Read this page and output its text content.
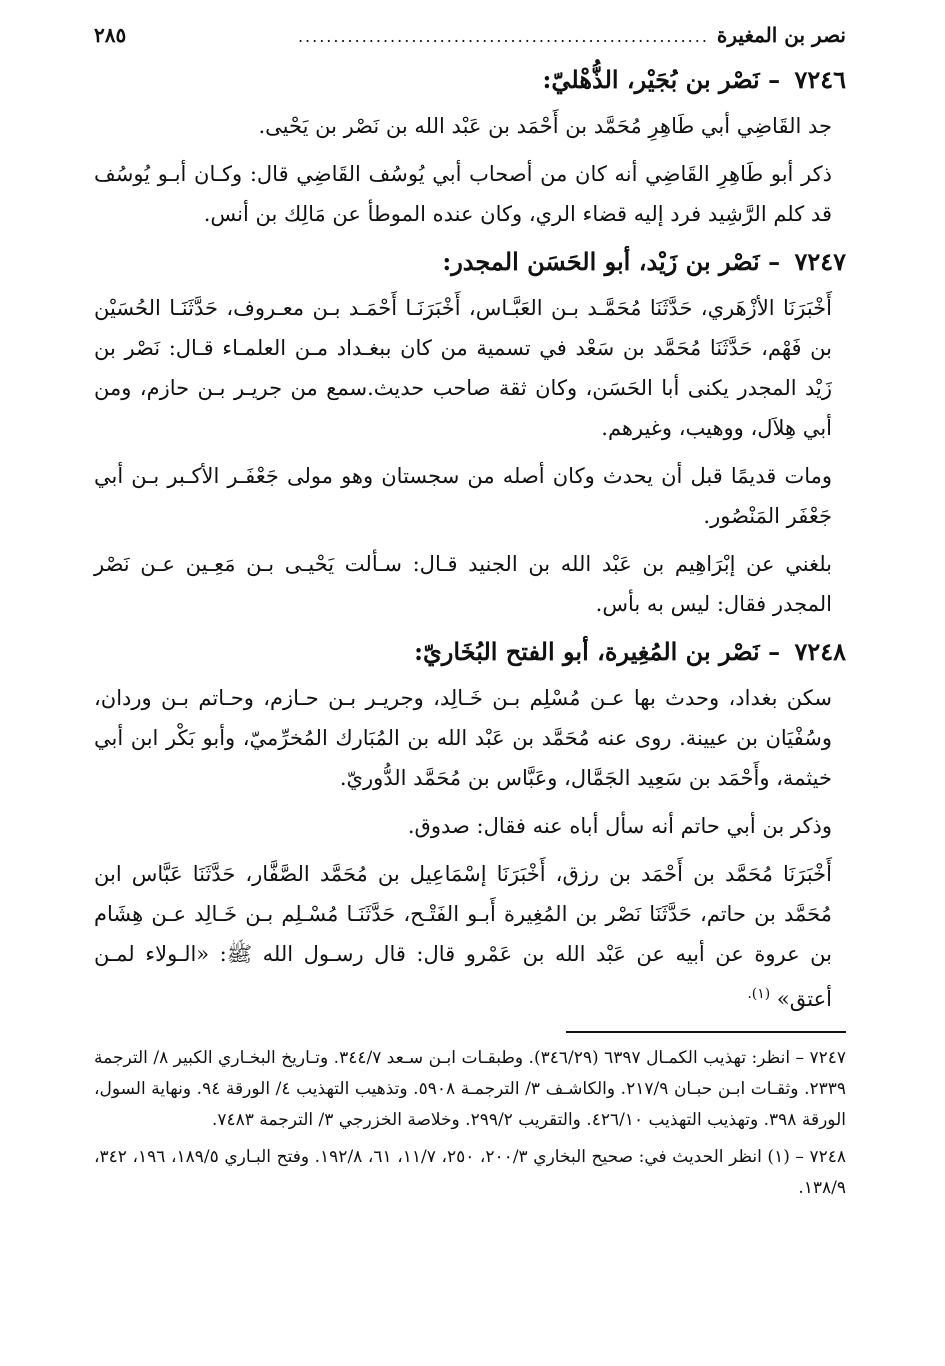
نصر بن المغيرة
..........................................................
٢٨٥
٧٢٤٦ – نَصْر بن بُجَيْر، الذُّهْليّ:

جد القَاضِي أبي طَاهِرِ مُحَمَّد بن أَحْمَد بن عَبْد الله بن نَصْر بن يَحْيى.

ذكر أبو طَاهِرِ القَاضِي أنه كان من أصحاب أبي يُوسُف القَاضِي قال: وكـان أبـو يُوسُف قد كلم الرَّشِيد فرد إليه قضاء الري، وكان عنده الموطأ عن مَالِك بن أنس.

٧٢٤٧ – نَصْر بن زَيْد، أبو الحَسَن المجدر:

أَخْبَرَنَا الأزْهَري، حَدَّثَنَا مُحَمَّـد بـن العَبَّـاس، أَخْبَرَنَـا أَحْمَـد بـن معـروف، حَدَّثَنَـا الحُسَيْن بن فَهْم، حَدَّثَنَا مُحَمَّد بن سَعْد في تسمية من كان ببغـداد مـن العلمـاء قـال: نَصْر بن زَيْد المجدر يكنى أبا الحَسَن، وكان ثقة صاحب حديث.سمع من جريـر بـن حازم، ومن أبي هِلاَل، ووهيب، وغيرهم.

ومات قديمًا قبل أن يحدث وكان أصله من سجستان وهو مولى جَعْفَـر الأكـبر بـن أبي جَعْفَر المَنْصُور.

بلغني عن إبْرَاهِيم بن عَبْد الله بن الجنيد قـال: سـألت يَحْيـى بـن مَعِـين عـن نَصْر المجدر فقال: ليس به بأس.

٧٢٤٨ – نَصْر بن المُغِيرة، أبو الفتح البُخَاريّ:

سكن بغداد، وحدث بها عـن مُسْلِم بـن خَـالِد، وجريـر بـن حـازم، وحـاتم بـن وردان، وسُفْيَان بن عيينة. روى عنه مُحَمَّد بن عَبْد الله بن المُبَارك المُخرِّميّ، وأبو بَكْر ابن أبي خيثمة، وأَحْمَد بن سَعِيد الجَمَّال، وعَبَّاس بن مُحَمَّد الدُّوريّ.

وذكر بن أبي حاتم أنه سأل أباه عنه فقال: صدوق.

أَخْبَرَنَا مُحَمَّد بن أَحْمَد بن رزق، أَخْبَرَنَا إسْمَاعِيل بن مُحَمَّد الصَّفَّار، حَدَّثَنَا عَبَّاس ابن مُحَمَّد بن حاتم، حَدَّثَنَا نَصْر بن المُغِيرة أَبـو الفَتْـح، حَدَّثَنَـا مُسْـلِم بـن خَـالِد عـن هِشَام بن عروة عن أبيه عن عَبْد الله بن عَمْرو قال: قال رسـول الله ﷺ: «الـولاء لمـن أعتق» $^{(١).}$

٧٢٤٧ – انظر: تهذيب الكمـال ٦٣٩٧ (٣٤٦/٢٩). وطبقـات ابـن سـعد ٣٤٤/٧. وتـاريخ البخـاري الكبير ٨/ الترجمة ٢٣٣٩. وثقـات ابـن حبـان ٢١٧/٩. والكاشـف ٣/ الترجمـة ٥٩٠٨. وتذهيب التهذيب ٤/ الورقة ٩٤. ونهاية السول، الورقة ٣٩٨. وتهذيب التهذيب ٤٢٦/١٠. والتقريب ٢٩٩/٢. وخلاصة الخزرجي ٣/ الترجمة ٧٤٨٣.

٧٢٤٨ – (١) انظر الحديث في: صحيح البخاري ٢٠٠/٣، ٢٥٠، ١١/٧، ٦١، ١٩٢/٨. وفتح البـاري ١٨٩/٥، ١٩٦، ٣٤٢، ١٣٨/٩.
